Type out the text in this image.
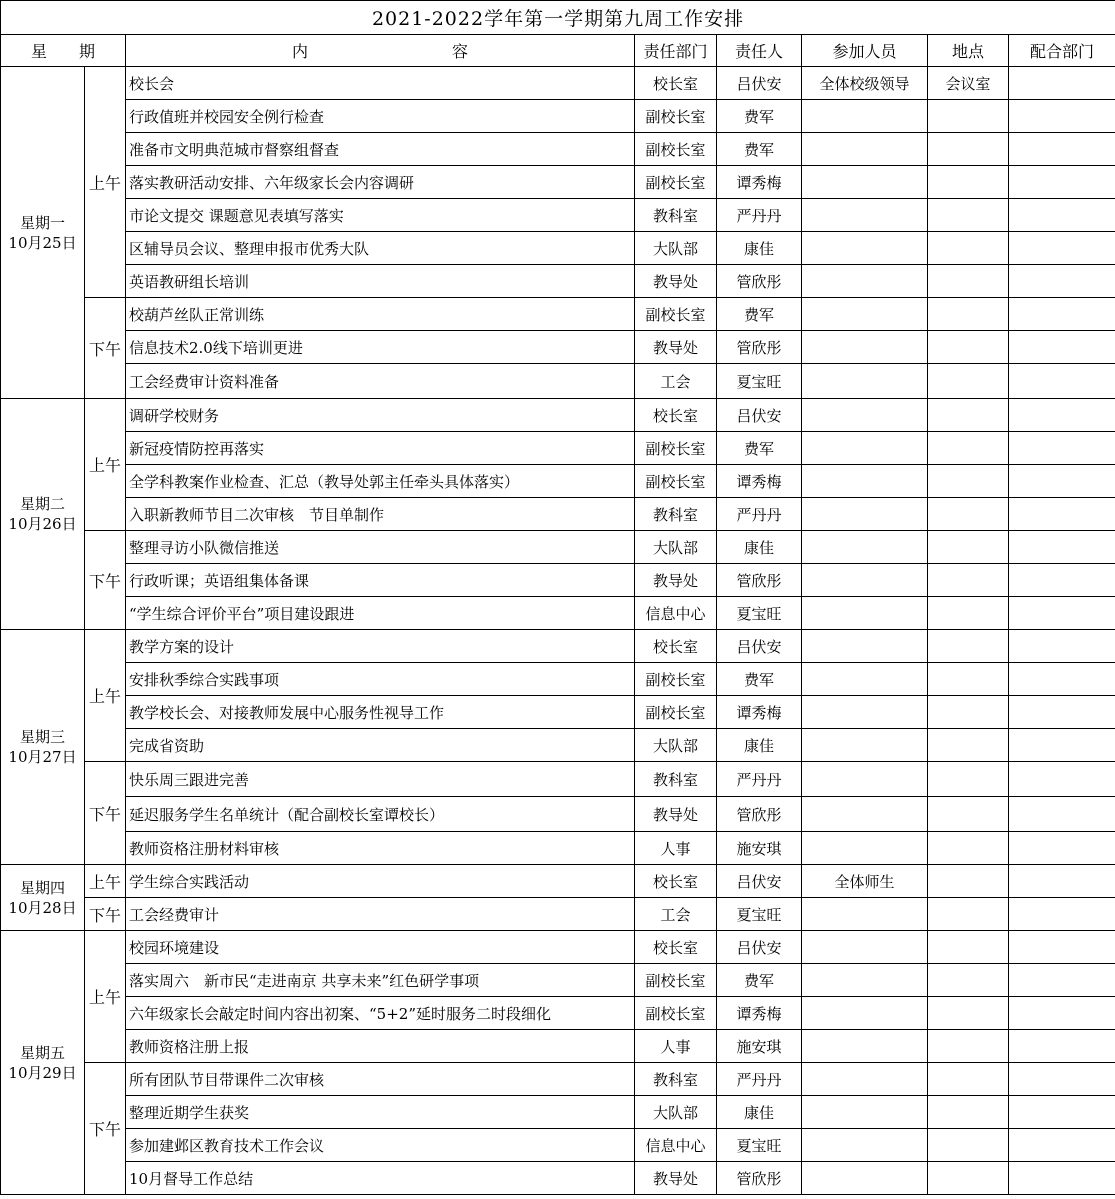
2021-2022学年第一学期第九周工作安排							
星　　期		内　　　　　　　　　容	责任部门	责任人	参加人员	地点	配合部门

星期一
10月25日	上午	校长会	校长室	吕伏安	全体校级领导	会议室	
		行政值班并校园安全例行检查	副校长室	费军			
		准备市文明典范城市督察组督查	副校长室	费军			
		落实教研活动安排、六年级家长会内容调研	副校长室	谭秀梅			
		市论文提交 课题意见表填写落实	教科室	严丹丹			
		区辅导员会议、整理申报市优秀大队	大队部	康佳			
		英语教研组长培训	教导处	管欣彤			
	下午	校葫芦丝队正常训练	副校长室	费军			
		信息技术2.0线下培训更进	教导处	管欣彤			
		工会经费审计资料准备	工会	夏宝旺			

星期二
10月26日	上午	调研学校财务	校长室	吕伏安			
		新冠疫情防控再落实	副校长室	费军			
		全学科教案作业检查、汇总（教导处郭主任牵头具体落实）	副校长室	谭秀梅			
		入职新教师节目二次审核　节目单制作	教科室	严丹丹			
	下午	整理寻访小队微信推送	大队部	康佳			
		行政听课；英语组集体备课	教导处	管欣彤			
		“学生综合评价平台”项目建设跟进	信息中心	夏宝旺			

星期三
10月27日	上午	教学方案的设计	校长室	吕伏安			
		安排秋季综合实践事项	副校长室	费军			
		教学校长会、对接教师发展中心服务性视导工作	副校长室	谭秀梅			
		完成省资助	大队部	康佳			
	下午	快乐周三跟进完善	教科室	严丹丹			
		延迟服务学生名单统计（配合副校长室谭校长）	教导处	管欣彤			
		教师资格注册材料审核	人事	施安琪			

星期四
10月28日	上午	学生综合实践活动	校长室	吕伏安	全体师生		
	下午	工会经费审计	工会	夏宝旺			

星期五
10月29日	上午	校园环境建设	校长室	吕伏安			
		落实周六　新市民“走进南京 共享未来”红色研学事项	副校长室	费军			
		六年级家长会敲定时间内容出初案、“5+2”延时服务二时段细化	副校长室	谭秀梅			
		教师资格注册上报	人事	施安琪			
	下午	所有团队节目带课件二次审核	教科室	严丹丹			
		整理近期学生获奖	大队部	康佳			
		参加建邺区教育技术工作会议	信息中心	夏宝旺			
		10月督导工作总结	教导处	管欣彤			
